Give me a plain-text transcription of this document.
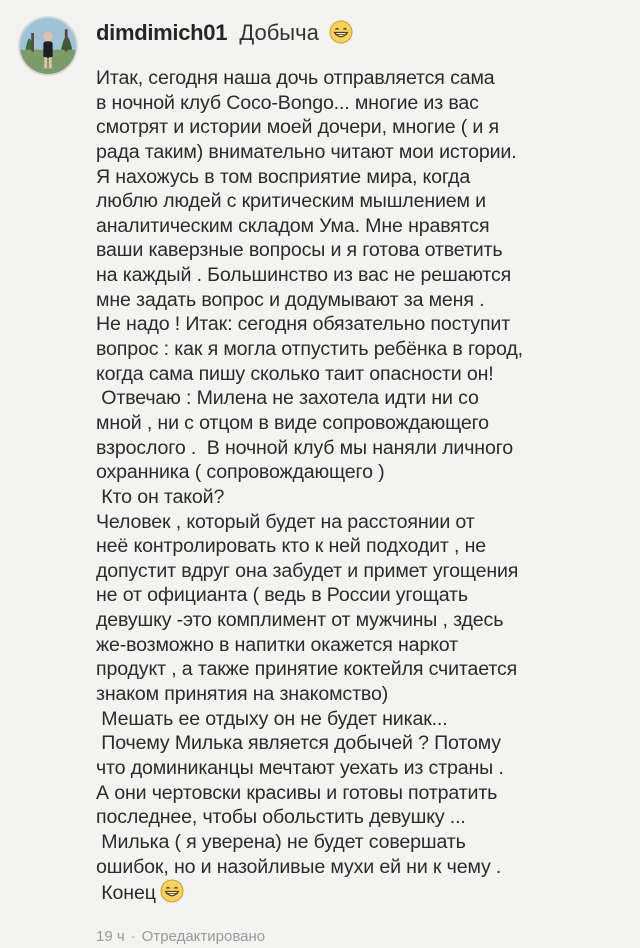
dimdimich01 Добыча
Итак, сегодня наша дочь отправляется сама
в ночной клуб Coco-Bongo... многие из вас
смотрят и истории моей дочери, многие ( и я
рада таким) внимательно читают мои истории.
Я нахожусь в том восприятие мира, когда
люблю людей с критическим мышлением и
аналитическим складом Ума. Мне нравятся
ваши каверзные вопросы и я готова ответить
на каждый . Большинство из вас не решаются
мне задать вопрос и додумывают за меня .
Не надо ! Итак: сегодня обязательно поступит
вопрос : как я могла отпустить ребёнка в город,
когда сама пишу сколько таит опасности он!
Отвечаю : Милена не захотела идти ни со
мной , ни с отцом в виде сопровождающего
взрослого .  В ночной клуб мы наняли личного
охранника ( сопровождающего )
Кто он такой?
Человек , который будет на расстоянии от
неё контролировать кто к ней подходит , не
допустит вдруг она забудет и примет угощения
не от официанта ( ведь в России угощать
девушку -это комплимент от мужчины , здесь
же-возможно в напитки окажется наркот
продукт , а также принятие коктейля считается
знаком принятия на знакомство)
Мешать ее отдыху он не будет никак...
Почему Милька является добычей ? Потому
что доминиканцы мечтают уехать из страны .
А они чертовски красивы и готовы потратить
последнее, чтобы обольстить девушку ...
Милька ( я уверена) не будет совершать
ошибок, но и назойливые мухи ей ни к чему .
Конец
19 ч · Отредактировано
